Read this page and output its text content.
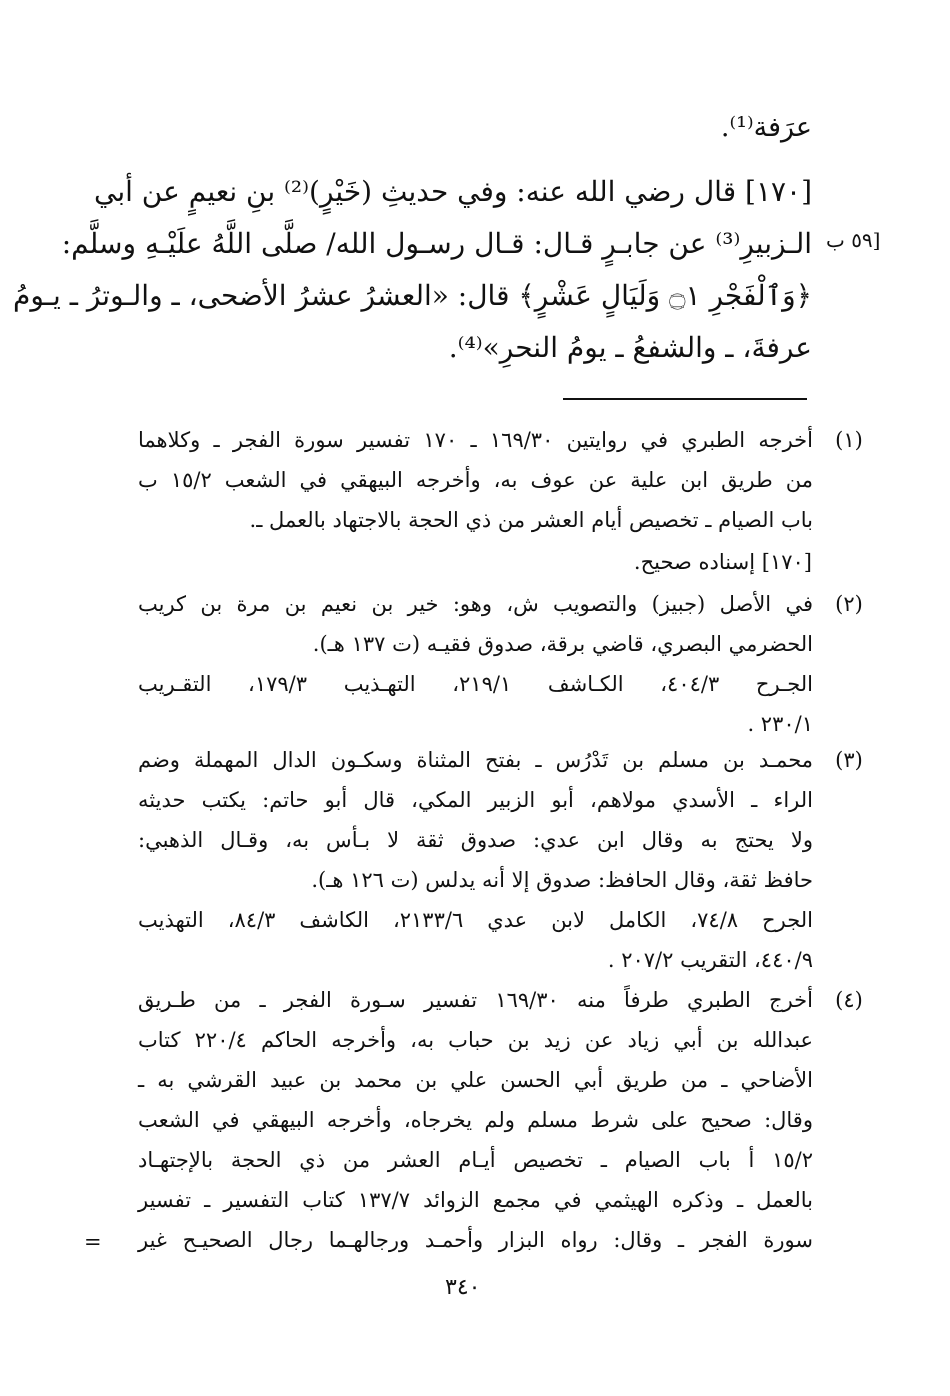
عرَفة⁽¹⁾.
[١٧٠] قال رضي الله عنه: وفي حديثِ (خَيْرٍ)⁽²⁾ بنِ نعيمٍ عن أبي
الـزبيرِ⁽³⁾ عن جابـرٍ قـال: قـال رسـول الله/ صلَّى اللَّهُ علَيْـهِ وسلَّم:
﴿وَٱلْفَجْرِ ۝١ وَلَيَالٍ عَشْرٍ﴾ قال: «العشرُ عشرُ الأضحى، ـ والـوترُ ـ يـومُ
عرفةَ، ـ والشفعُ ـ يومُ النحرِ»⁽⁴⁾.
[٥٩ ب
(١)
أخرجه الطبري في روايتين ١٦٩/٣٠ ـ ١٧٠ تفسير سورة الفجر ـ وكلاهما
من طريق ابن علية عن عوف به، وأخرجه البيهقي في الشعب ١٥/٢ ب
باب الصيام ـ تخصيص أيام العشر من ذي الحجة بالاجتهاد بالعمل ـ.
[١٧٠] إسناده صحيح.
(٢)
في الأصل (جبيز) والتصويب ش، وهو: خير بن نعيم بن مرة بن كريب
الحضرمي البصري، قاضي برقة، صدوق فقيـه (ت ١٣٧ هـ).
الجـرح ٤٠٤/٣، الكـاشف ٢١٩/١، التهـذيب ١٧٩/٣، التقـريب
٢٣٠/١ .
(٣)
محمـد بن مسلم بن تَدْرُس ـ بفتح المثناة وسكـون الدال المهملة وضم
الراء ـ الأسدي مولاهم، أبو الزبير المكي، قال أبو حاتم: يكتب حديثه
ولا يحتج به وقال ابن عدي: صدوق ثقة لا بـأس به، وقـال الذهبي:
حافظ ثقة، وقال الحافظ: صدوق إلا أنه يدلس (ت ١٢٦ هـ).
الجرح ٧٤/٨، الكامل لابن عدي ٢١٣٣/٦، الكاشف ٨٤/٣، التهذيب
٤٤٠/٩، التقريب ٢٠٧/٢ .
(٤)
أخرج الطبري طرفاً منه ١٦٩/٣٠ تفسير سـورة الفجر ـ من طـريق
عبدالله بن أبي زياد عن زيد بن حباب به، وأخرجه الحاكم ٢٢٠/٤ كتاب
الأضاحي ـ من طريق أبي الحسن علي بن محمد بن عبيد القرشي به ـ
وقال: صحيح على شرط مسلم ولم يخرجاه، وأخرجه البيهقي في الشعب
١٥/٢ أ باب الصيام ـ تخصيص أيـام العشر من ذي الحجة بالإجتهـاد
بالعمل ـ وذكره الهيثمي في مجمع الزوائد ١٣٧/٧ كتاب التفسير ـ تفسير
سورة الفجر ـ وقال: رواه البزار وأحمـد ورجالهـما رجال الصحيـح غير
=
٣٤٠
